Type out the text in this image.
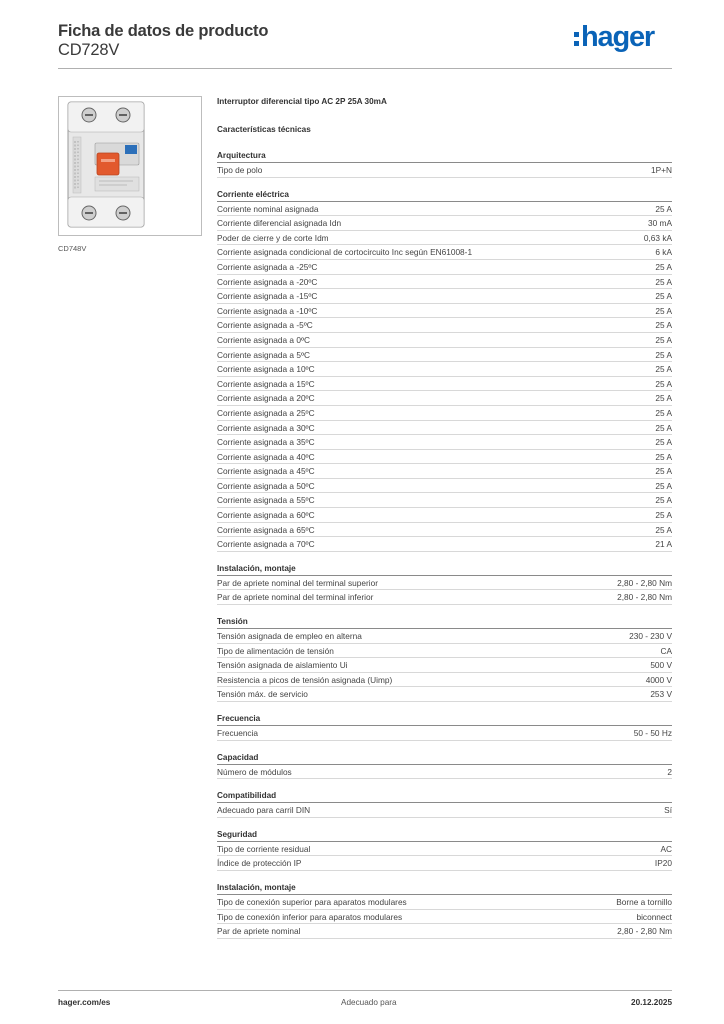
Ficha de datos de producto
CD728V	hager
CD748V
Interruptor diferencial tipo AC 2P 25A 30mA
Características técnicas
Arquitectura
Tipo de polo	1P+N
Corriente eléctrica
Corriente nominal asignada	25 A
Corriente diferencial asignada Idn	30 mA
Poder de cierre y de corte Idm	0,63 kA
Corriente asignada condicional de cortocircuito Inc según EN61008-1	6 kA
Corriente asignada a -25ºC	25 A
Corriente asignada a -20ºC	25 A
Corriente asignada a -15ºC	25 A
Corriente asignada a -10ºC	25 A
Corriente asignada a -5ºC	25 A
Corriente asignada a 0ºC	25 A
Corriente asignada a 5ºC	25 A
Corriente asignada a 10ºC	25 A
Corriente asignada a 15ºC	25 A
Corriente asignada a 20ºC	25 A
Corriente asignada a 25ºC	25 A
Corriente asignada a 30ºC	25 A
Corriente asignada a 35ºC	25 A
Corriente asignada a 40ºC	25 A
Corriente asignada a 45ºC	25 A
Corriente asignada a 50ºC	25 A
Corriente asignada a 55ºC	25 A
Corriente asignada a 60ºC	25 A
Corriente asignada a 65ºC	25 A
Corriente asignada a 70ºC	21 A
Instalación, montaje
Par de apriete nominal del terminal superior	2,80 - 2,80 Nm
Par de apriete nominal del terminal inferior	2,80 - 2,80 Nm
Tensión
Tensión asignada de empleo en alterna	230 - 230 V
Tipo de alimentación de tensión	CA
Tensión asignada de aislamiento Ui	500 V
Resistencia a picos de tensión asignada (Uimp)	4000 V
Tensión máx. de servicio	253 V
Frecuencia
Frecuencia	50 - 50 Hz
Capacidad
Número de módulos	2
Compatibilidad
Adecuado para carril DIN	Sí
Seguridad
Tipo de corriente residual	AC
Índice de protección IP	IP20
Instalación, montaje
Tipo de conexión superior para aparatos modulares	Borne a tornillo
Tipo de conexión inferior para aparatos modulares	biconnect
Par de apriete nominal	2,80 - 2,80 Nm
hager.com/es	Adecuado para	20.12.2025
